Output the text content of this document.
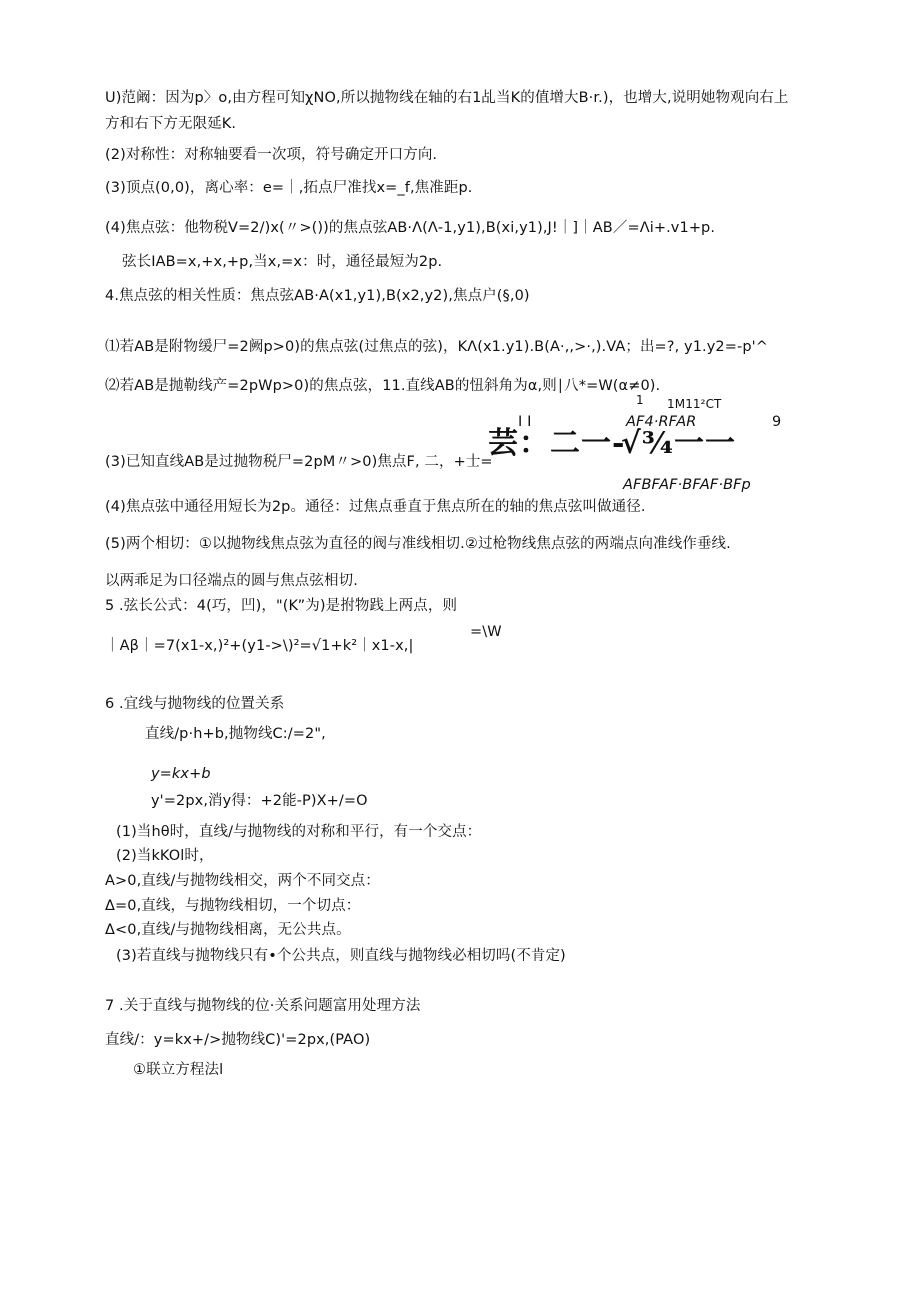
U)范阚：因为p〉o,由方程可知χNO,所以抛物线在轴的右1乩当K的值增大B·r.)，也增大,说明她物观向右上
方和右下方无限延K.
(2)对称性：对称轴要看一次项，符号确定开口方向.
(3)顶点(0,0)，离心率：e=｜,拓点尸准找x=_f,焦准距p.
(4)焦点弦：他物税V=2/)x(〃>())的焦点弦AB·Λ(Λ-1,y1),B(xi,y1),J!｜]｜AB／=Λi+.v1+p.
弦长IAB=x,+x,+p,当x,=x：时，通径最短为2p.
4.焦点弦的相关性质：焦点弦AB·A(x1,y1),B(x2,y2),焦点户(§,0)
⑴若AB是附物缓尸=2阙p>0)的焦点弦(过焦点的弦)，KΛ(x1.y1).B(A·,,>·,).VA；出=?, y1.y2=-p'^
⑵若AB是抛勒线产=2pWp>0)的焦点弦，11.直线AB的忸斜角为α,则∣八*=W(α≠0).
1 1M11²CT
I I	AF4·RFAR	9
(3)已知直线AB是过抛物税尸=2pM〃>0)焦点F, 二，+士=
芸：二一-
√¾一一
AFBFAF·BFAF·BFp
(4)焦点弦中通径用短长为2p。通径：过焦点垂直于焦点所在的轴的焦点弦叫做通径.
(5)两个相切：①以抛物线焦点弦为直径的阀与准线相切.②过枪物线焦点弦的两端点向准线作垂线.
以两乖足为口径端点的圆与焦点弦相切.
5 .弦长公式：4(巧，凹)，"(K”为)是拊物践上两点，则
｜Aβ｜=7(x1-x,)²+(y1->\)²=√1+k²｜x1-x,|
=\W
6 .宜线与抛物线的位置关系
直线/p·h+b,抛物线C:/=2",
y=kx+b
y'=2px,消y得：+2能-P)X+/=O
(1)当hθ时，直线/与抛物线的对称和平行，有一个交点：
(2)当kKOl时，
A>0,直线/与抛物线相交，两个不同交点：
Δ=0,直线，与抛物线相切，一个切点：
Δ<0,直线/与抛物线相离，无公共点。
(3)若直线与抛物线只有•个公共点，则直线与抛物线必相切吗(不肯定)
7 .关于直线与抛物线的位·关系问题富用处理方法
直线/：y=kx+∕>抛物线C)'=2px,(PAO)
①联立方程法l
